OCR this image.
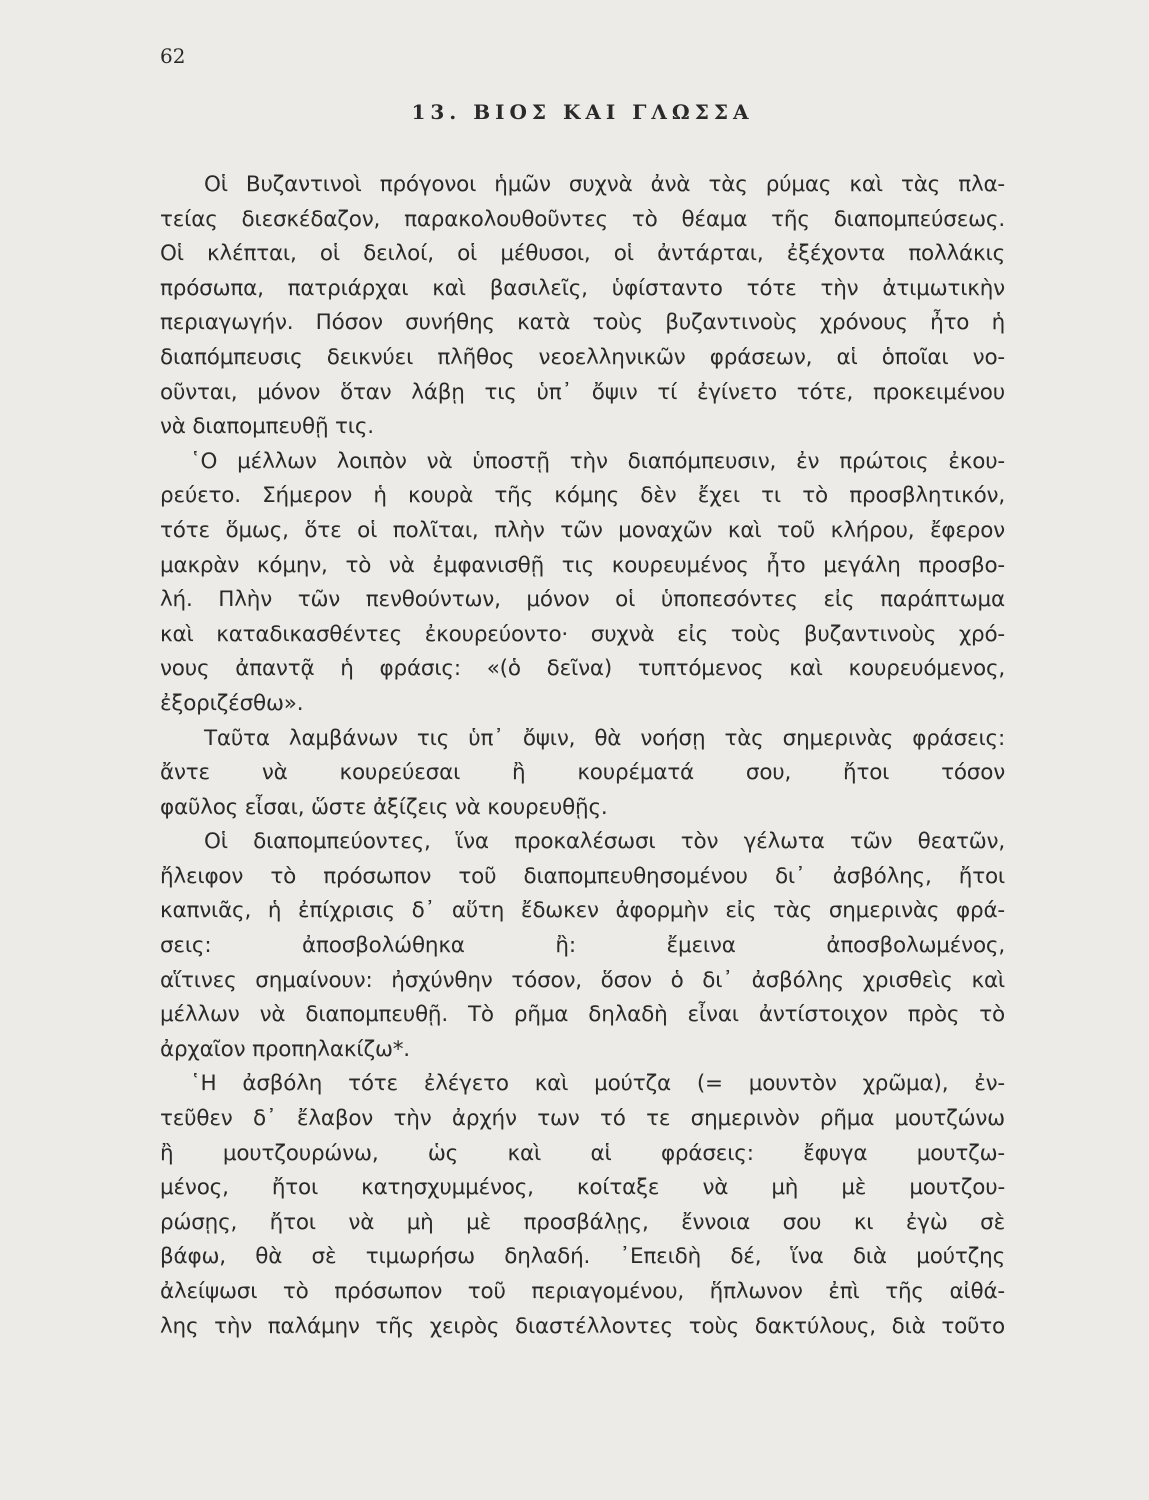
62
13. ΒΙΟΣ ΚΑΙ ΓΛΩΣΣΑ
Οἱ Βυζαντινοὶ πρόγονοι ἡμῶν συχνὰ ἀνὰ τὰς ρύμας καὶ τὰς πλα-
τείας διεσκέδαζον, παρακολουθοῦντες τὸ θέαμα τῆς διαπομπεύσεως.
Οἱ κλέπται, οἱ δειλοί, οἱ μέθυσοι, οἱ ἀντάρται, ἐξέχοντα πολλάκις
πρόσωπα, πατριάρχαι καὶ βασιλεῖς, ὑφίσταντο τότε τὴν ἀτιμωτικὴν
περιαγωγήν. Πόσον συνήθης κατὰ τοὺς βυζαντινοὺς χρόνους ἦτο ἡ
διαπόμπευσις δεικνύει πλῆθος νεοελληνικῶν φράσεων, αἱ ὁποῖαι νο-
οῦνται, μόνον ὅταν λάβῃ τις ὑπ᾽ ὄψιν τί ἐγίνετο τότε, προκειμένου
νὰ διαπομπευθῇ τις.
῾Ο μέλλων λοιπὸν νὰ ὑποστῇ τὴν διαπόμπευσιν, ἐν πρώτοις ἐκου-
ρεύετο. Σήμερον ἡ κουρὰ τῆς κόμης δὲν ἔχει τι τὸ προσβλητικόν,
τότε ὅμως, ὅτε οἱ πολῖται, πλὴν τῶν μοναχῶν καὶ τοῦ κλήρου, ἔφερον
μακρὰν κόμην, τὸ νὰ ἐμφανισθῇ τις κουρευμένος ἦτο μεγάλη προσβο-
λή. Πλὴν τῶν πενθούντων, μόνον οἱ ὑποπεσόντες εἰς παράπτωμα
καὶ καταδικασθέντες ἐκουρεύοντο· συχνὰ εἰς τοὺς βυζαντινοὺς χρό-
νους ἀπαντᾷ ἡ φράσις: «(ὁ δεῖνα) τυπτόμενος καὶ κουρευόμενος,
ἐξοριζέσθω».
Ταῦτα λαμβάνων τις ὑπ᾽ ὄψιν, θὰ νοήσῃ τὰς σημερινὰς φράσεις:
ἄντε νὰ κουρεύεσαι ἢ κουρέματά σου, ἤτοι τόσον
φαῦλος εἶσαι, ὥστε ἀξίζεις νὰ κουρευθῇς.
Οἱ διαπομπεύοντες, ἵνα προκαλέσωσι τὸν γέλωτα τῶν θεατῶν,
ἤλειφον τὸ πρόσωπον τοῦ διαπομπευθησομένου δι᾽ ἀσβόλης, ἤτοι
καπνιᾶς, ἡ ἐπίχρισις δ᾽ αὕτη ἔδωκεν ἀφορμὴν εἰς τὰς σημερινὰς φρά-
σεις: ἀποσβολώθηκα ἢ: ἔμεινα ἀποσβολωμένος,
αἵτινες σημαίνουν: ἠσχύνθην τόσον, ὅσον ὁ δι᾽ ἀσβόλης χρισθεὶς καὶ
μέλλων νὰ διαπομπευθῇ. Τὸ ρῆμα δηλαδὴ εἶναι ἀντίστοιχον πρὸς τὸ
ἀρχαῖον προπηλακίζω*.
῾Η ἀσβόλη τότε ἐλέγετο καὶ μούτζα (= μουντὸν χρῶμα), ἐν-
τεῦθεν δ᾽ ἔλαβον τὴν ἀρχήν των τό τε σημερινὸν ρῆμα μουτζώνω
ἢ μουτζουρώνω, ὡς καὶ αἱ φράσεις: ἔφυγα μουτζω-
μένος, ἤτοι κατησχυμμένος, κοίταξε νὰ μὴ μὲ μουτζου-
ρώσῃς, ἤτοι νὰ μὴ μὲ προσβάλῃς, ἔννοια σου κι ἐγὼ σὲ
βάφω, θὰ σὲ τιμωρήσω δηλαδή. ᾿Επειδὴ δέ, ἵνα διὰ μούτζης
ἀλείψωσι τὸ πρόσωπον τοῦ περιαγομένου, ἥπλωνον ἐπὶ τῆς αἰθά-
λης τὴν παλάμην τῆς χειρὸς διαστέλλοντες τοὺς δακτύλους, διὰ τοῦτο
